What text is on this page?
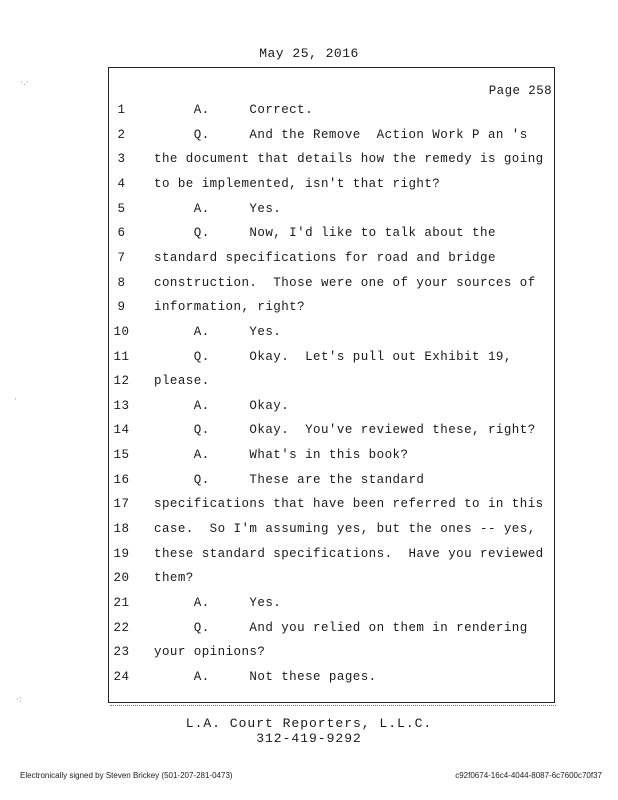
May 25, 2016
Page 258
1	A.     Correct.
2	Q.     And the Remove  Action Work P an 's
3	the document that details how the remedy is going
4	to be implemented, isn't that right?
5	A.     Yes.
6	Q.     Now, I'd like to talk about the
7	standard specifications for road and bridge
8	construction.  Those were one of your sources of
9	information, right?
10	A.     Yes.
11	Q.     Okay.  Let's pull out Exhibit 19,
12	please.
13	A.     Okay.
14	Q.     Okay.  You've reviewed these, right?
15	A.     What's in this book?
16	Q.     These are the standard
17	specifications that have been referred to in this
18	case.  So I'm assuming yes, but the ones -- yes,
19	these standard specifications.  Have you reviewed
20	them?
21	A.     Yes.
22	Q.     And you relied on them in rendering
23	your opinions?
24	A.     Not these pages.
L.A. Court Reporters, L.L.C.
312-419-9292
Electronically signed by Steven Brickey (501-207-281-0473)	c92f0674-16c4-4044-8087-6c7600c70f37
·.·
·
·:
